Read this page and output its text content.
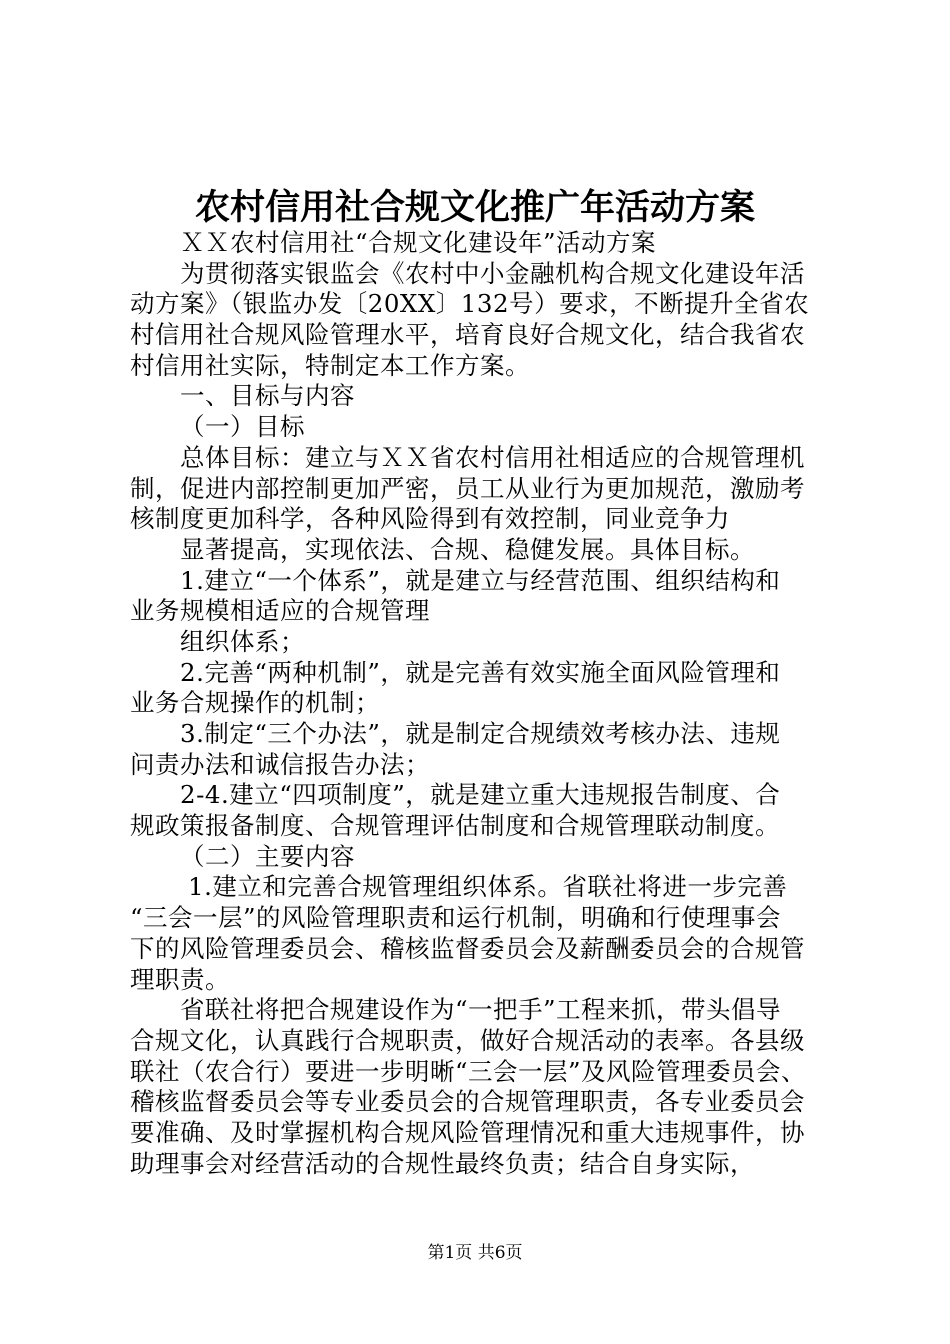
农村信用社合规文化推广年活动方案
ＸＸ农村信用社“合规文化建设年”活动方案
为贯彻落实银监会《农村中小金融机构合规文化建设年活
动方案》（银监办发〔20XX〕132号）要求，不断提升全省农
村信用社合规风险管理水平，培育良好合规文化，结合我省农
村信用社实际，特制定本工作方案。
一、目标与内容
（一）目标
总体目标：建立与ＸＸ省农村信用社相适应的合规管理机
制，促进内部控制更加严密，员工从业行为更加规范，激励考
核制度更加科学，各种风险得到有效控制，同业竞争力
显著提高，实现依法、合规、稳健发展。具体目标。
1.建立“一个体系”，就是建立与经营范围、组织结构和
业务规模相适应的合规管理
组织体系；
2.完善“两种机制”，就是完善有效实施全面风险管理和
业务合规操作的机制；
3.制定“三个办法”，就是制定合规绩效考核办法、违规
问责办法和诚信报告办法；
2-4.建立“四项制度”，就是建立重大违规报告制度、合
规政策报备制度、合规管理评估制度和合规管理联动制度。
（二）主要内容
1.建立和完善合规管理组织体系。省联社将进一步完善
“三会一层”的风险管理职责和运行机制，明确和行使理事会
下的风险管理委员会、稽核监督委员会及薪酬委员会的合规管
理职责。
省联社将把合规建设作为“一把手”工程来抓，带头倡导
合规文化，认真践行合规职责，做好合规活动的表率。各县级
联社（农合行）要进一步明晰“三会一层”及风险管理委员会、
稽核监督委员会等专业委员会的合规管理职责，各专业委员会
要准确、及时掌握机构合规风险管理情况和重大违规事件，协
助理事会对经营活动的合规性最终负责；结合自身实际，
第1页 共6页
